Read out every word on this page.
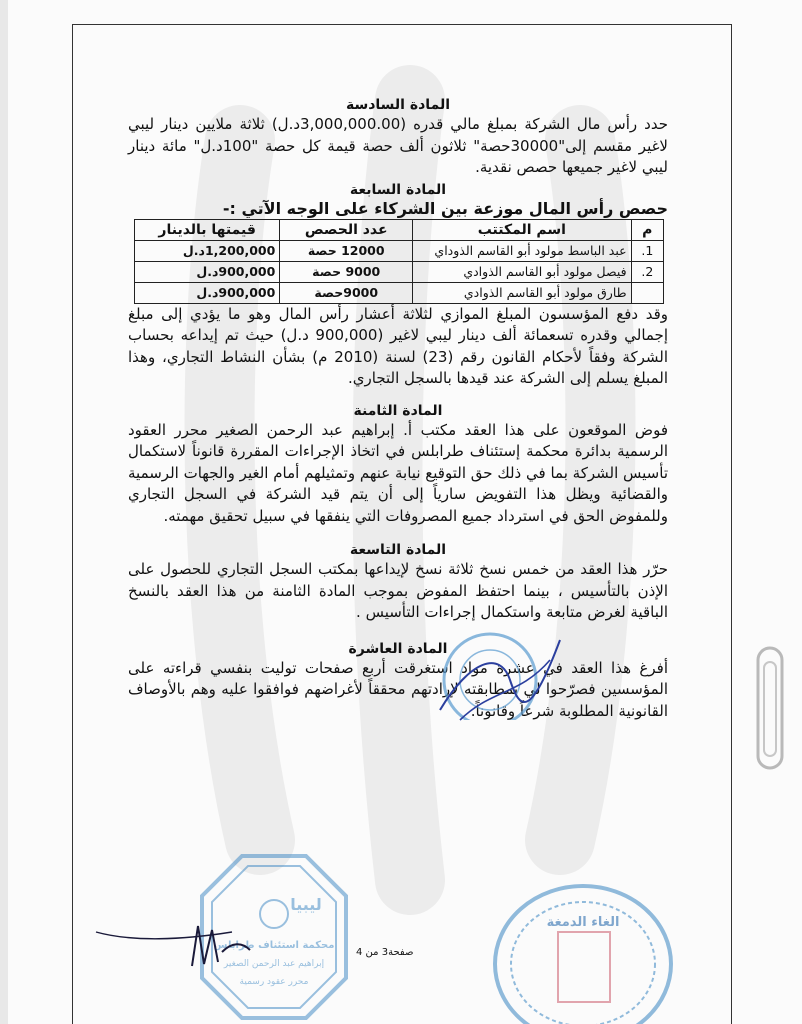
المادة السادسة

حدد رأس مال الشركة بمبلغ مالي قدره (3,000,000.00د.ل) ثلاثة ملايين دينار ليبي لاغير مقسم إلى"30000حصة" ثلاثون ألف حصة قيمة كل حصة "100د.ل" مائة دينار ليبي لاغير جميعها حصص نقدية.

المادة السابعة

حصص رأس المال موزعة بين الشركاء على الوجه الآتي :-

م	اسم المكتتب	عدد الحصص	قيمتها بالدينار
1.	عبد الباسط مولود أبو القاسم الذوداي	12000 حصة	1,200,000د.ل
2.	فيصل مولود أبو القاسم الذوادي	9000 حصة	900,000د.ل
	طارق مولود أبو القاسم الذوادي	9000حصة	900,000د.ل

وقد دفع المؤسسون المبلغ الموازي لثلاثة أعشار رأس المال وهو ما يؤدي إلى مبلغ إجمالي وقدره تسعمائة ألف دينار ليبي لاغير (900,000 د.ل) حيث تم إيداعه بحساب الشركة وفقاً لأحكام القانون رقم (23) لسنة (2010 م) بشأن النشاط التجاري، وهذا المبلغ يسلم إلى الشركة عند قيدها بالسجل التجاري.

المادة الثامنة

فوض الموقعون على هذا العقد مكتب أ. إبراهيم عبد الرحمن الصغير محرر العقود الرسمية بدائرة محكمة إستئناف طرابلس في اتخاذ الإجراءات المقررة قانوناً لاستكمال تأسيس الشركة بما في ذلك حق التوقيع نيابة عنهم وتمثيلهم أمام الغير والجهات الرسمية والقضائية ويظل هذا التفويض سارياً إلى أن يتم قيد الشركة في السجل التجاري وللمفوض الحق في استرداد جميع المصروفات التي ينفقها في سبيل تحقيق مهمته.

المادة التاسعة

حرّر هذا العقد من خمس نسخ ثلاثة نسخ لإيداعها بمكتب السجل التجاري للحصول على الإذن بالتأسيس ، بينما احتفظ المفوض بموجب المادة الثامنة من هذا العقد بالنسخ الباقية لغرض متابعة واستكمال إجراءات التأسيس .

المادة العاشرة

أفرغ هذا العقد في عشرة مواد استغرقت أربع صفحات توليت بنفسي قراءته على المؤسسين فصرّحوا لي بمطابقته لإرادتهم محققاً لأغراضهم فوافقوا عليه وهم بالأوصاف القانونية المطلوبة شرعاً وقانوناً.

ليبيا
محكمة استئناف طرابلس
إبراهيم عبد الرحمن الصغير
محرر عقود رسمية
الغاء الدمغة
صفحة3 من 4
